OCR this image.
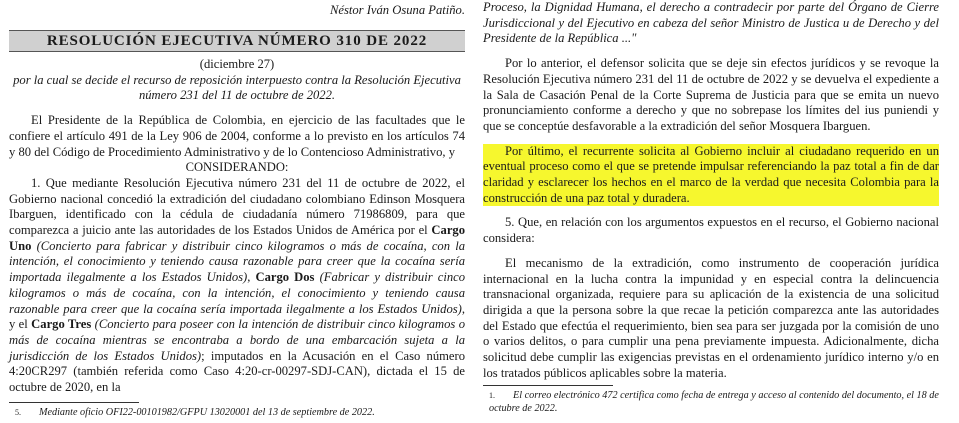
Néstor Iván Osuna Patiño.
RESOLUCIÓN EJECUTIVA NÚMERO 310 DE 2022
(diciembre 27)

por la cual se decide el recurso de reposición interpuesto contra la Resolución Ejecutiva número 231 del 11 de octubre de 2022.

El Presidente de la República de Colombia, en ejercicio de las facultades que le confiere el artículo 491 de la Ley 906 de 2004, conforme a lo previsto en los artículos 74 y 80 del Código de Procedimiento Administrativo y de lo Contencioso Administrativo, y

CONSIDERANDO:

1. Que mediante Resolución Ejecutiva número 231 del 11 de octubre de 2022, el Gobierno nacional concedió la extradición del ciudadano colombiano Edinson Mosquera Ibarguen, identificado con la cédula de ciudadanía número 71986809, para que comparezca a juicio ante las autoridades de los Estados Unidos de América por el Cargo Uno (Concierto para fabricar y distribuir cinco kilogramos o más de cocaína, con la intención, el conocimiento y teniendo causa razonable para creer que la cocaína sería importada ilegalmente a los Estados Unidos), Cargo Dos (Fabricar y distribuir cinco kilogramos o más de cocaína, con la intención, el conocimiento y teniendo causa razonable para creer que la cocaína sería importada ilegalmente a los Estados Unidos), y el Cargo Tres (Concierto para poseer con la intención de distribuir cinco kilogramos o más de cocaína mientras se encontraba a bordo de una embarcación sujeta a la jurisdicción de los Estados Unidos); imputados en la Acusación en el Caso número 4:20CR297 (también referida como Caso 4:20-cr-00297-SDJ-CAN), dictada el 15 de octubre de 2020, en la

$^{5.}$ Mediante oficio OFI22-00101982/GFPU 13020001 del 13 de septiembre de 2022.

Proceso, la Dignidad Humana, el derecho a contradecir por parte del Órgano de Cierre Jurisdiccional y del Ejecutivo en cabeza del señor Ministro de Justica u de Derecho y del Presidente de la República ..."

Por lo anterior, el defensor solicita que se deje sin efectos jurídicos y se revoque la Resolución Ejecutiva número 231 del 11 de octubre de 2022 y se devuelva el expediente a la Sala de Casación Penal de la Corte Suprema de Justicia para que se emita un nuevo pronunciamiento conforme a derecho y que no sobrepase los límites del ius puniendi y que se conceptúe desfavorable a la extradición del señor Mosquera Ibarguen.

Por último, el recurrente solicita al Gobierno incluir al ciudadano requerido en un eventual proceso como el que se pretende impulsar referenciando la paz total a fin de dar claridad y esclarecer los hechos en el marco de la verdad que necesita Colombia para la construcción de una paz total y duradera.

5. Que, en relación con los argumentos expuestos en el recurso, el Gobierno nacional considera:

El mecanismo de la extradición, como instrumento de cooperación jurídica internacional en la lucha contra la impunidad y en especial contra la delincuencia transnacional organizada, requiere para su aplicación de la existencia de una solicitud dirigida a que la persona sobre la que recae la petición comparezca ante las autoridades del Estado que efectúa el requerimiento, bien sea para ser juzgada por la comisión de uno o varios delitos, o para cumplir una pena previamente impuesta. Adicionalmente, dicha solicitud debe cumplir las exigencias previstas en el ordenamiento jurídico interno y/o en los tratados públicos aplicables sobre la materia.

$^{1.}$ El correo electrónico 472 certifica como fecha de entrega y acceso al contenido del documento, el 18 de octubre de 2022.
